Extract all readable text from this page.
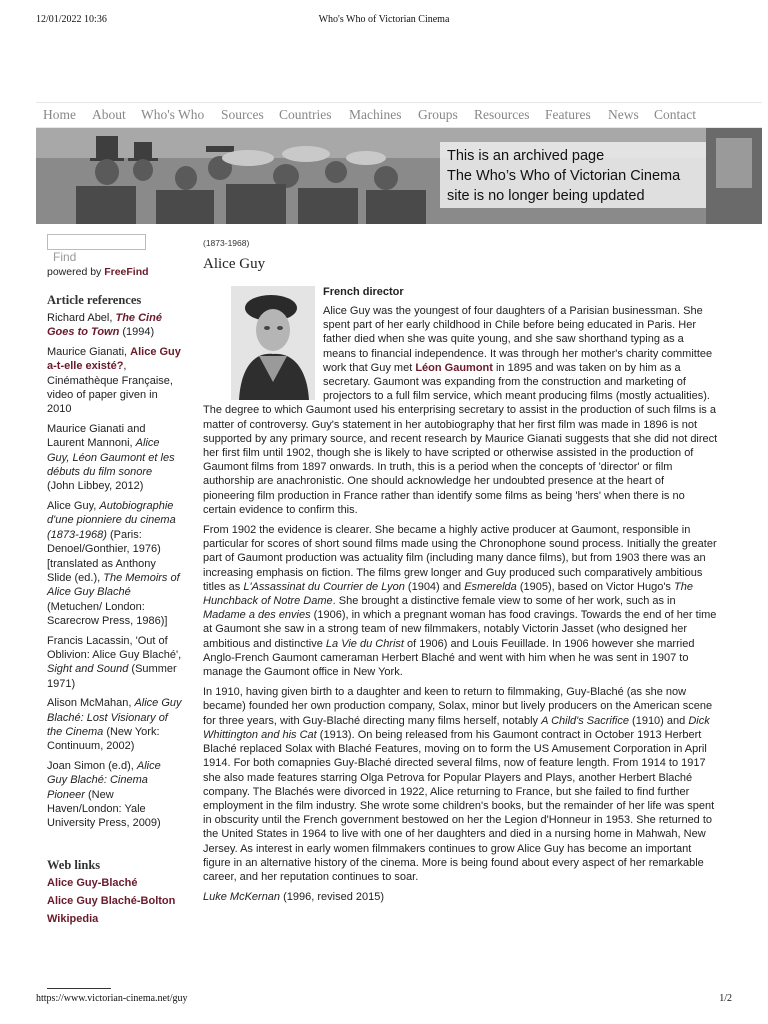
12/01/2022 10:36	Who's Who of Victorian Cinema
Home About Who's Who Sources Countries Machines Groups Resources Features News Contact
This is an archived page
The Who’s Who of Victorian Cinema
site is no longer being updated
Find
powered by FreeFind
Article references
Richard Abel, The Ciné Goes to Town (1994)
Maurice Gianati, Alice Guy a-t-elle existé?, Cinémathèque Française, video of paper given in 2010
Maurice Gianati and Laurent Mannoni, Alice Guy, Léon Gaumont et les débuts du film sonore (John Libbey, 2012)
Alice Guy, Autobiographie d'une pionniere du cinema (1873-1968) (Paris: Denoel/Gonthier, 1976) [translated as Anthony Slide (ed.), The Memoirs of Alice Guy Blaché (Metuchen/ London: Scarecrow Press, 1986)]
Francis Lacassin, 'Out of Oblivion: Alice Guy Blaché', Sight and Sound (Summer 1971)
Alison McMahan, Alice Guy Blaché: Lost Visionary of the Cinema (New York: Continuum, 2002)
Joan Simon (e.d), Alice Guy Blaché: Cinema Pioneer (New Haven/London: Yale University Press, 2009)
Web links
Alice Guy-Blaché
Alice Guy Blaché-Bolton
Wikipedia
(1873-1968)
Alice Guy
French director

Alice Guy was the youngest of four daughters of a Parisian businessman. She spent part of her early childhood in Chile before being educated in Paris. Her father died when she was quite young, and she saw shorthand typing as a means to financial independence. It was through her mother's charity committee work that Guy met Léon Gaumont in 1895 and was taken on by him as a secretary. Gaumont was expanding from the construction and marketing of projectors to a full film service, which meant producing films (mostly actualities). The degree to which Gaumont used his enterprising secretary to assist in the production of such films is a matter of controversy. Guy's statement in her autobiography that her first film was made in 1896 is not supported by any primary source, and recent research by Maurice Gianati suggests that she did not direct her first film until 1902, though she is likely to have scripted or otherwise assisted in the production of Gaumont films from 1897 onwards. In truth, this is a period when the concepts of 'director' or film authorship are anachronistic. One should acknowledge her undoubted presence at the heart of pioneering film production in France rather than identify some films as being 'hers' when there is no certain evidence to confirm this.

From 1902 the evidence is clearer. She became a highly active producer at Gaumont, responsible in particular for scores of short sound films made using the Chronophone sound process. Initially the greater part of Gaumont production was actuality film (including many dance films), but from 1903 there was an increasing emphasis on fiction. The films grew longer and Guy produced such comparatively ambitious titles as L'Assassinat du Courrier de Lyon (1904) and Esmerelda (1905), based on Victor Hugo's The Hunchback of Notre Dame. She brought a distinctive female view to some of her work, such as in Madame a des envies (1906), in which a pregnant woman has food cravings. Towards the end of her time at Gaumont she saw in a strong team of new filmmakers, notably Victorin Jasset (who designed her ambitious and distinctive La Vie du Christ of 1906) and Louis Feuillade. In 1906 however she married Anglo-French Gaumont cameraman Herbert Blaché and went with him when he was sent in 1907 to manage the Gaumont office in New York.

In 1910, having given birth to a daughter and keen to return to filmmaking, Guy-Blaché (as she now became) founded her own production company, Solax, minor but lively producers on the American scene for three years, with Guy-Blaché directing many films herself, notably A Child's Sacrifice (1910) and Dick Whittington and his Cat (1913). On being released from his Gaumont contract in October 1913 Herbert Blaché replaced Solax with Blaché Features, moving on to form the US Amusement Corporation in April 1914. For both comapnies Guy-Blaché directed several films, now of feature length. From 1914 to 1917 she also made features starring Olga Petrova for Popular Players and Plays, another Herbert Blaché company. The Blachés were divorced in 1922, Alice returning to France, but she failed to find further employment in the film industry. She wrote some children's books, but the remainder of her life was spent in obscurity until the French government bestowed on her the Legion d'Honneur in 1953. She returned to the United States in 1964 to live with one of her daughters and died in a nursing home in Mahwah, New Jersey. As interest in early women filmmakers continues to grow Alice Guy has become an important figure in an alternative history of the cinema. More is being found about every aspect of her remarkable career, and her reputation continues to soar.

Luke McKernan (1996, revised 2015)

https://www.victorian-cinema.net/guy	1/2
